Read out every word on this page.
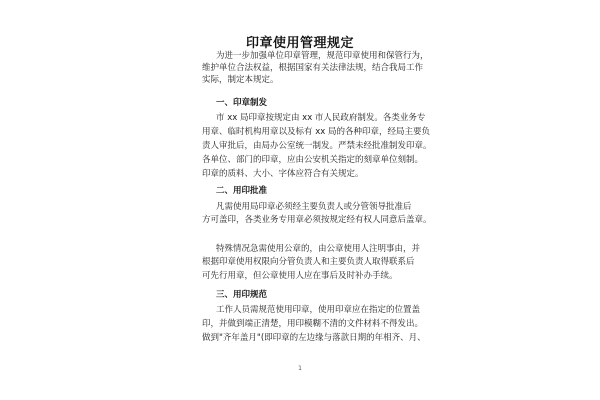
印章使用管理规定
为进一步加强单位印章管理，规范印章使用和保管行为，
维护单位合法权益，根据国家有关法律法规，结合我局工作
实际，制定本规定。
一、印章制发
市 xx 局印章按规定由 xx 市人民政府制发。各类业务专
用章、临时机构用章以及标有 xx 局的各种印章，经局主要负
责人审批后，由局办公室统一制发。严禁未经批准制发印章。
各单位、部门的印章，应由公安机关指定的刻章单位刻制。
印章的质料、大小、字体应符合有关规定。
二、用印批准
凡需使用局印章必须经主要负责人或分管领导批准后
方可盖印，各类业务专用章必须按规定经有权人同意后盖章。
特殊情况急需使用公章的，由公章使用人注明事由，并
根据印章使用权限向分管负责人和主要负责人取得联系后
可先行用章，但公章使用人应在事后及时补办手续。
三、用印规范
工作人员需规范使用印章，使用印章应在指定的位置盖
印，并做到端正清楚，用印模糊不清的文件材料不得发出。
做到"齐年盖月"(即印章的左边缘与落款日期的年相齐、月、
1
